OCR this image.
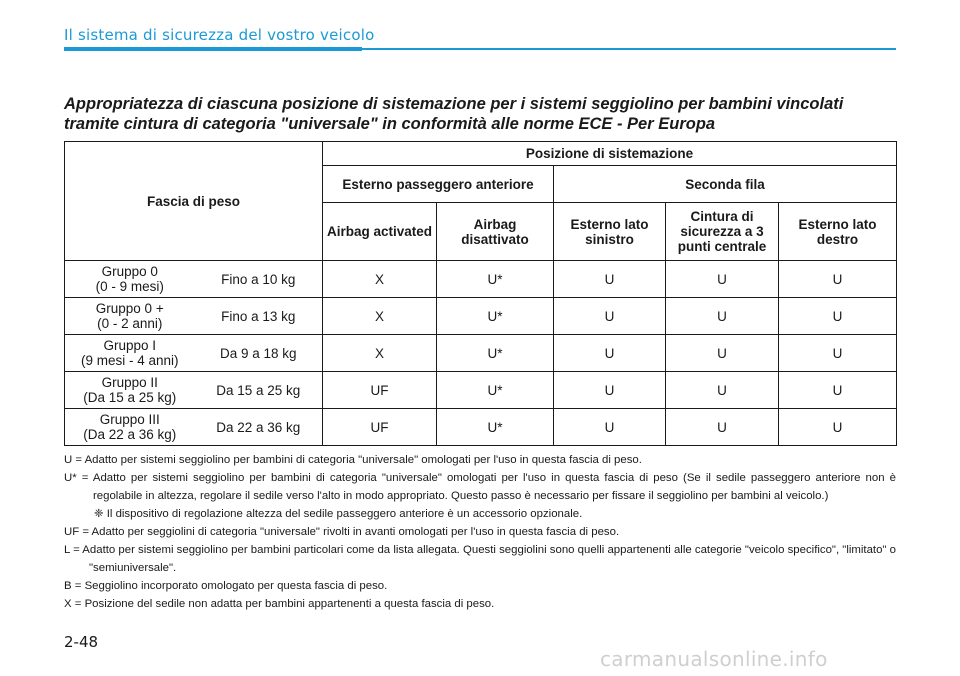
Il sistema di sicurezza del vostro veicolo
Appropriatezza di ciascuna posizione di sistemazione per i sistemi seggiolino per bambini vincolati tramite cintura di categoria "universale" in conformità alle norme ECE - Per Europa
Fascia di peso		Posizione di sistemazione				
		Esterno passeggero anteriore		Seconda fila		
		Airbag activated	Airbag disattivato	Esterno lato sinistro	Cintura di sicurezza a 3 punti centrale	Esterno lato destro

Gruppo 0
(0 - 9 mesi)	Fino a 10 kg	X	U*	U	U	U

Gruppo 0 +
(0 - 2 anni)	Fino a 13 kg	X	U*	U	U	U

Gruppo I
(9 mesi - 4 anni)	Da 9 a 18 kg	X	U*	U	U	U

Gruppo II
(Da 15 a 25 kg)	Da 15 a 25 kg	UF	U*	U	U	U

Gruppo III
(Da 22 a 36 kg)	Da 22 a 36 kg	UF	U*	U	U	U
U = Adatto per sistemi seggiolino per bambini di categoria "universale" omologati per l'uso in questa fascia di peso.
U* = Adatto per sistemi seggiolino per bambini di categoria "universale" omologati per l'uso in questa fascia di peso (Se il sedile passeggero anteriore non è regolabile in altezza, regolare il sedile verso l'alto in modo appropriato. Questo passo è necessario per fissare il seggiolino per bambini al veicolo.)
❈ Il dispositivo di regolazione altezza del sedile passeggero anteriore è un accessorio opzionale.
UF = Adatto per seggiolini di categoria "universale" rivolti in avanti omologati per l'uso in questa fascia di peso.
L = Adatto per sistemi seggiolino per bambini particolari come da lista allegata. Questi seggiolini sono quelli appartenenti alle categorie "veicolo specifico", "limitato" o "semiuniversale".
B = Seggiolino incorporato omologato per questa fascia di peso.
X = Posizione del sedile non adatta per bambini appartenenti a questa fascia di peso.
2-48
carmanualsonline.info
